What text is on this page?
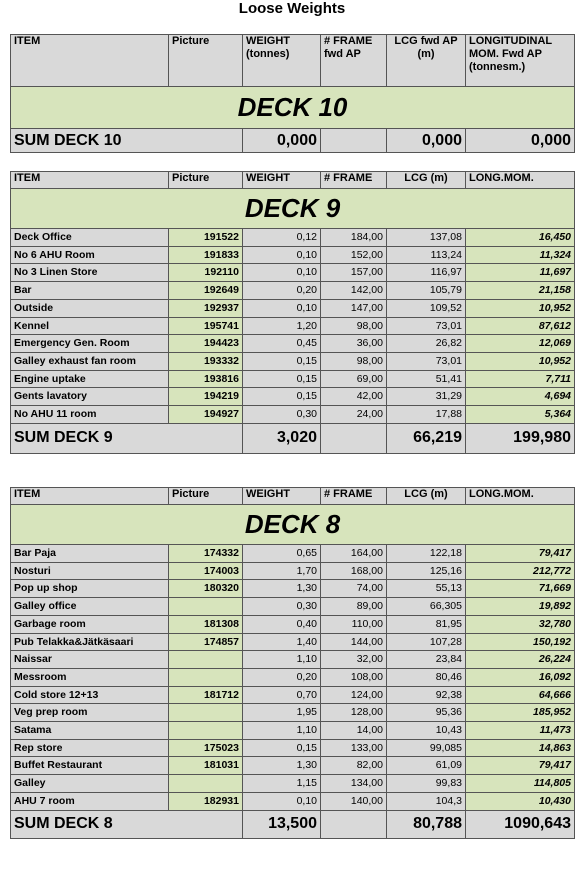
Loose Weights
ITEM	Picture	WEIGHT (tonnes)	# FRAME fwd AP	LCG fwd AP (m)	LONGITUDINAL MOM. Fwd AP (tonnesm.)
DECK 10					
SUM DECK 10		0,000		0,000	0,000
ITEM	Picture	WEIGHT	# FRAME	LCG (m)	LONG.MOM.
DECK 9					
Deck Office	191522	0,12	184,00	137,08	16,450
No 6 AHU Room	191833	0,10	152,00	113,24	11,324
No 3 Linen Store	192110	0,10	157,00	116,97	11,697
Bar	192649	0,20	142,00	105,79	21,158
Outside	192937	0,10	147,00	109,52	10,952
Kennel	195741	1,20	98,00	73,01	87,612
Emergency Gen. Room	194423	0,45	36,00	26,82	12,069
Galley exhaust fan room	193332	0,15	98,00	73,01	10,952
Engine uptake	193816	0,15	69,00	51,41	7,711
Gents lavatory	194219	0,15	42,00	31,29	4,694
No AHU 11 room	194927	0,30	24,00	17,88	5,364
SUM DECK 9		3,020		66,219	199,980
ITEM	Picture	WEIGHT	# FRAME	LCG (m)	LONG.MOM.
DECK 8					
Bar Paja	174332	0,65	164,00	122,18	79,417
Nosturi	174003	1,70	168,00	125,16	212,772
Pop up shop	180320	1,30	74,00	55,13	71,669
Galley office		0,30	89,00	66,305	19,892
Garbage room	181308	0,40	110,00	81,95	32,780
Pub Telakka&Jätkäsaari	174857	1,40	144,00	107,28	150,192
Naissar		1,10	32,00	23,84	26,224
Messroom		0,20	108,00	80,46	16,092
Cold store 12+13	181712	0,70	124,00	92,38	64,666
Veg prep room		1,95	128,00	95,36	185,952
Satama		1,10	14,00	10,43	11,473
Rep store	175023	0,15	133,00	99,085	14,863
Buffet Restaurant	181031	1,30	82,00	61,09	79,417
Galley		1,15	134,00	99,83	114,805
AHU 7 room	182931	0,10	140,00	104,3	10,430
SUM DECK 8		13,500		80,788	1090,643
